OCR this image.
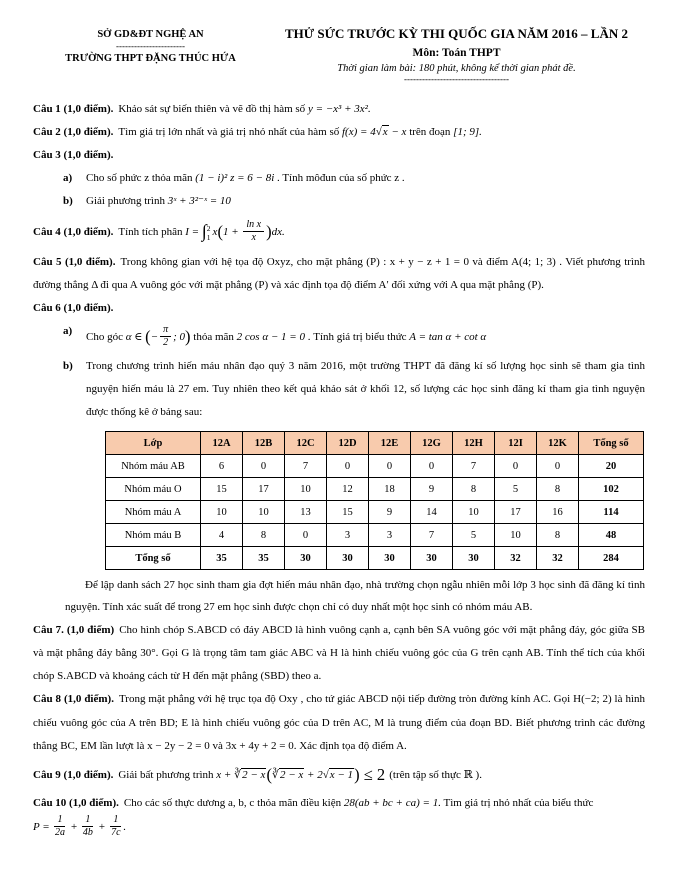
SỞ GD&ĐT NGHỆ AN
-----------------------
TRƯỜNG THPT ĐẶNG THÚC HỨA
THỬ SỨC TRƯỚC KỲ THI QUỐC GIA NĂM 2016 – LẦN 2
Môn: Toán THPT
Thời gian làm bài: 180 phút, không kể thời gian phát đề.
-----------------------------------

Câu 1 (1,0 điểm). Khảo sát sự biến thiên và vẽ đồ thị hàm số y = −x³ + 3x².

Câu 2 (1,0 điểm). Tìm giá trị lớn nhất và giá trị nhỏ nhất của hàm số f(x) = 4√x − x trên đoạn [1; 9].

Câu 3 (1,0 điểm).

a)	Cho số phức z thỏa mãn (1 − i)² z = 6 − 8i . Tính môđun của số phức z .
b)	Giải phương trình 3ˣ + 3²⁻ˣ = 10

Câu 4 (1,0 điểm). Tính tích phân I = ∫ 2
1 $x(1 + \frac{\text{ln x}}{x} )dx$.

Câu 5 (1,0 điểm). Trong không gian với hệ tọa độ Oxyz, cho mặt phẳng (P) : x + y − z + 1 = 0 và điểm A(4; 1; 3) . Viết phương trình đường thẳng Δ đi qua A vuông góc với mặt phẳng (P) và xác định tọa độ điểm A′ đối xứng với A qua mặt phẳng (P).

Câu 6 (1,0 điểm).

a)	Cho góc α ∈ (− $\frac{\pi}{2}$ ; 0) thỏa mãn 2 cos α − 1 = 0 . Tính giá trị biểu thức A = tan α + cot α
b)	Trong chương trình hiến máu nhân đạo quý 3 năm 2016, một trường THPT đã đăng kí số lượng học sinh sẽ tham gia tình nguyện hiến máu là 27 em. Tuy nhiên theo kết quả khảo sát ở khối 12, số lượng các học sinh đăng kí tham gia tình nguyện được thống kê ở bảng sau:
Lớp	12A	12B	12C	12D	12E	12G	12H	12I	12K	Tổng số
Nhóm máu AB	6	0	7	0	0	0	7	0	0	20
Nhóm máu O	15	17	10	12	18	9	8	5	8	102
Nhóm máu A	10	10	13	15	9	14	10	17	16	114
Nhóm máu B	4	8	0	3	3	7	5	10	8	48
Tổng số	35	35	30	30	30	30	30	32	32	284

Để lập danh sách 27 học sinh tham gia đợt hiến máu nhân đạo, nhà trường chọn ngẫu nhiên mỗi lớp 3 học sinh đã đăng kí tình nguyện. Tính xác suất để trong 27 em học sinh được chọn chỉ có duy nhất một học sinh có nhóm máu AB.

Câu 7. (1,0 điểm) Cho hình chóp S.ABCD có đáy ABCD là hình vuông cạnh a, cạnh bên SA vuông góc với mặt phẳng đáy, góc giữa SB và mặt phẳng đáy bằng 30°. Gọi G là trọng tâm tam giác ABC và H là hình chiếu vuông góc của G trên cạnh AB. Tính thể tích của khối chóp S.ABCD và khoảng cách từ H đến mặt phẳng (SBD) theo a.

Câu 8 (1,0 điểm). Trong mặt phẳng với hệ trục tọa độ Oxy , cho tứ giác ABCD nội tiếp đường tròn đường kính AC. Gọi H(−2; 2) là hình chiếu vuông góc của A trên BD; E là hình chiếu vuông góc của D trên AC, M là trung điểm của đoạn BD. Biết phương trình các đường thẳng BC, EM lần lượt là x − 2y − 2 = 0 và 3x + 4y + 2 = 0. Xác định tọa độ điểm A.

Câu 9 (1,0 điểm). Giải bất phương trình x + ∛2 − x(∛2 − x + 2√x − 1) ≤ 2 (trên tập số thực ℝ ).

Câu 10 (1,0 điểm). Cho các số thực dương a, b, c thỏa mãn điều kiện 28(ab + bc + ca) = 1. Tìm giá trị nhỏ nhất của biểu thức

$P = \frac{1}{2a} + \frac{1}{4b} + \frac{1}{7c}$ .
